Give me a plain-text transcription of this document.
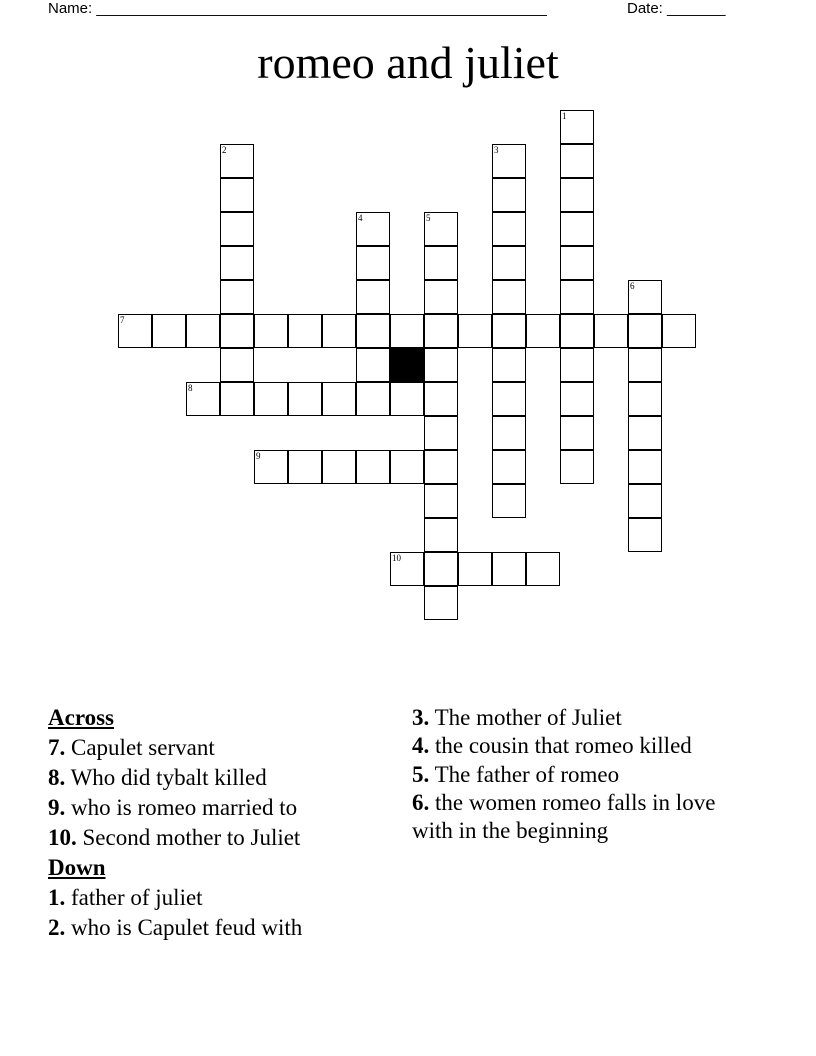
Name: ______________________________________________________	Date: _______
romeo and juliet
1
2	3
4	5
6
7
8
9
10
Across
7. Capulet servant
8. Who did tybalt killed
9. who is romeo married to
10. Second mother to Juliet
Down
1. father of juliet
2. who is Capulet feud with
3. The mother of Juliet
4. the cousin that romeo killed
5. The father of romeo
6. the women romeo falls in love with in the beginning
